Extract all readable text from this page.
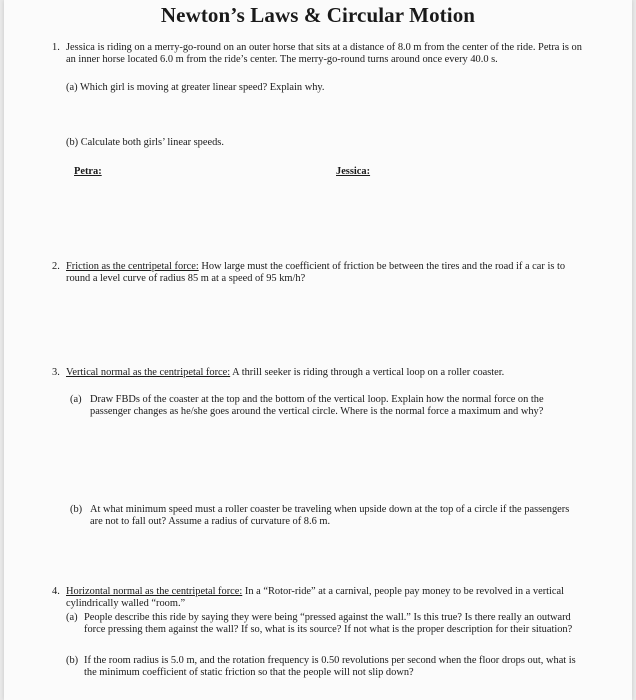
Newton’s Laws & Circular Motion
1. Jessica is riding on a merry-go-round on an outer horse that sits at a distance of 8.0 m from the center of the ride. Petra is on an inner horse located 6.0 m from the ride’s center. The merry-go-round turns around once every 40.0 s.
(a) Which girl is moving at greater linear speed? Explain why.
(b) Calculate both girls’ linear speeds.
Petra:	Jessica:
2. Friction as the centripetal force: How large must the coefficient of friction be between the tires and the road if a car is to round a level curve of radius 85 m at a speed of 95 km/h?
3. Vertical normal as the centripetal force: A thrill seeker is riding through a vertical loop on a roller coaster.
(a) Draw FBDs of the coaster at the top and the bottom of the vertical loop. Explain how the normal force on the passenger changes as he/she goes around the vertical circle. Where is the normal force a maximum and why?
(b) At what minimum speed must a roller coaster be traveling when upside down at the top of a circle if the passengers are not to fall out? Assume a radius of curvature of 8.6 m.
4. Horizontal normal as the centripetal force: In a “Rotor-ride” at a carnival, people pay money to be revolved in a vertical cylindrically walled “room.”
(a) People describe this ride by saying they were being “pressed against the wall.” Is this true? Is there really an outward force pressing them against the wall? If so, what is its source? If not what is the proper description for their situation?
(b) If the room radius is 5.0 m, and the rotation frequency is 0.50 revolutions per second when the floor drops out, what is the minimum coefficient of static friction so that the people will not slip down?
